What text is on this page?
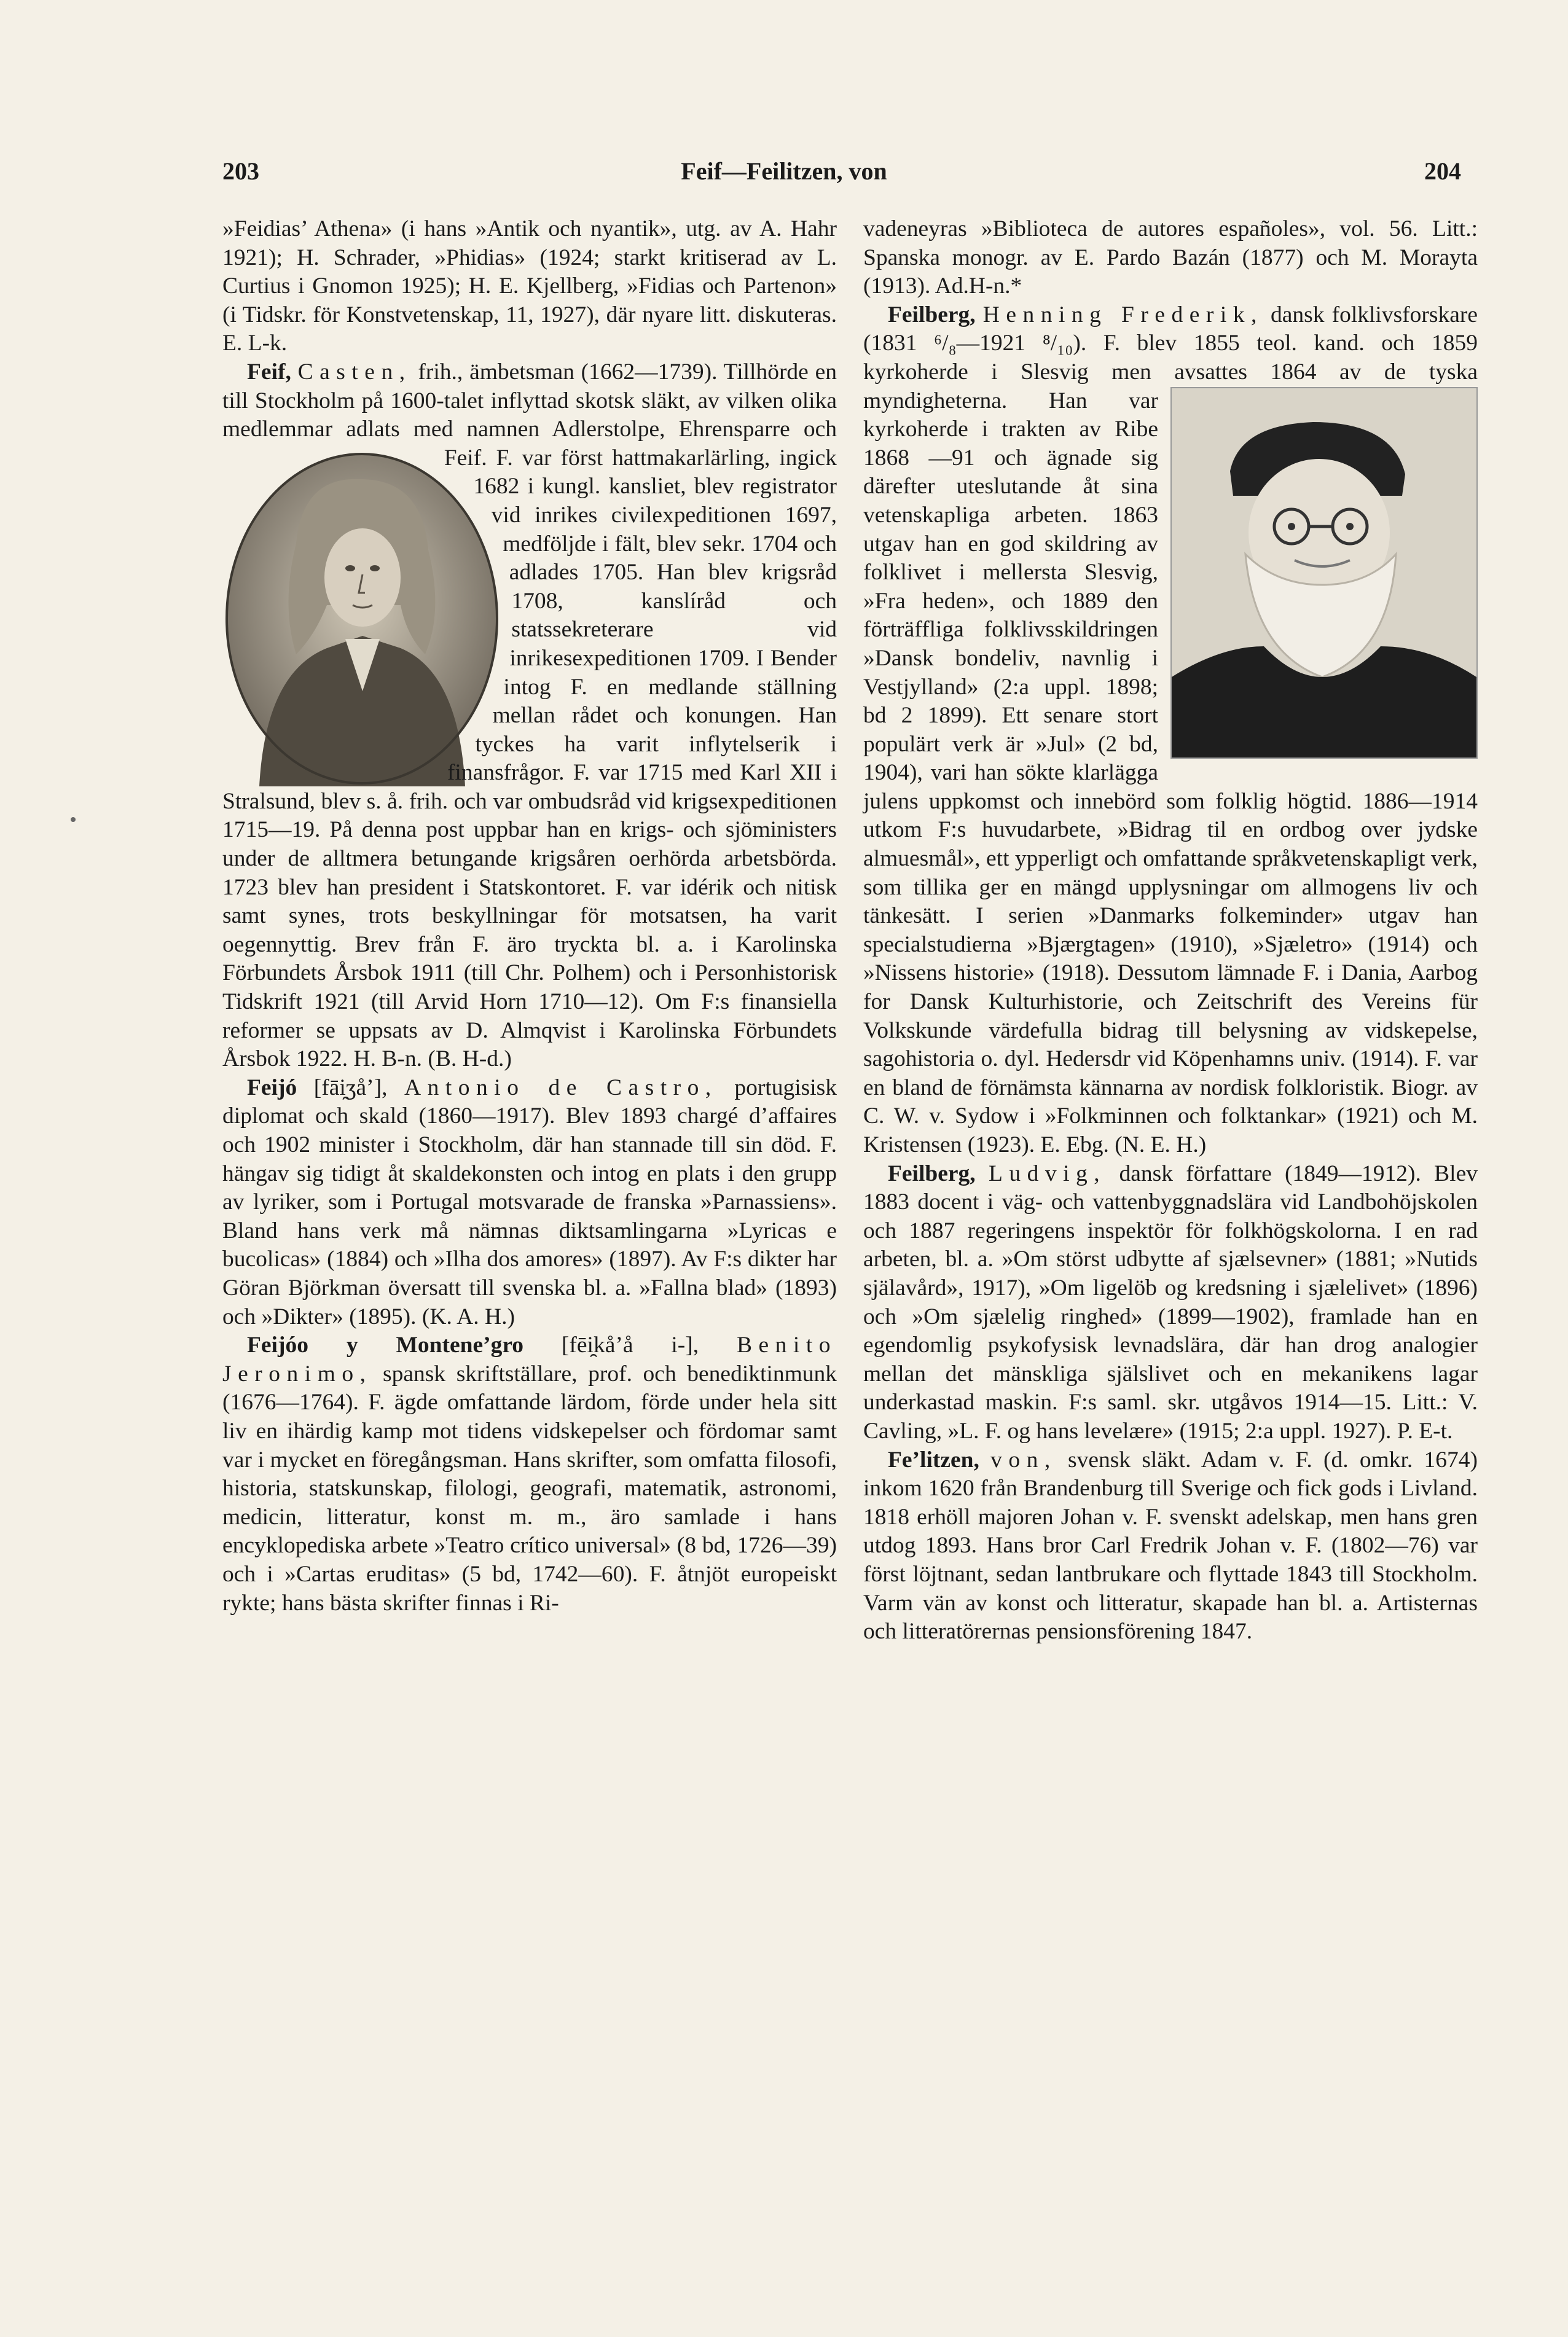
203	Feif—Feilitzen, von	204

»Feidias’ Athena» (i hans »Antik och nyantik», utg. av A. Hahr 1921); H. Schrader, »Phidias» (1924; starkt kritiserad av L. Curtius i Gnomon 1925); H. E. Kjellberg, »Fidias och Partenon» (i Tidskr. för Konstvetenskap, 11, 1927), där nyare litt. diskuteras. E. L-k.

Feif, Casten, frih., ämbetsman (1662—1739). Tillhörde en till Stockholm på 1600-talet inflyttad skotsk släkt, av vilken olika medlemmar adlats med namnen Adlerstolpe, Ehrensparre och Feif. F. var först hattmakarlärling, ingick 1682 i kungl. kansliet, blev registrator vid inrikes civilexpeditionen 1697, medföljde i fält, blev sekr. 1704 och adlades 1705. Han blev krigsråd 1708, kanslíråd och statssekreterare vid inrikesexpeditionen 1709. I Bender intog F. en medlande ställning mellan rådet och konungen. Han tyckes ha varit inflytelserik i finansfrågor. F. var 1715 med Karl XII i Stralsund, blev s. å. frih. och var ombudsråd vid krigsexpeditionen 1715—19. På denna post uppbar han en krigs- och sjöministers under de alltmera betungande krigsåren oerhörda arbetsbörda. 1723 blev han president i Statskontoret. F. var idérik och nitisk samt synes, trots beskyllningar för motsatsen, ha varit oegennyttig. Brev från F. äro tryckta bl. a. i Karolinska Förbundets Årsbok 1911 (till Chr. Polhem) och i Personhistorisk Tidskrift 1921 (till Arvid Horn 1710—12). Om F:s finansiella reformer se uppsats av D. Almqvist i Karolinska Förbundets Årsbok 1922. H. B-n. (B. H-d.)

Feijó [fāi̯ʒå’], Antonio de Castro, portugisisk diplomat och skald (1860—1917). Blev 1893 chargé d’affaires och 1902 minister i Stockholm, där han stannade till sin död. F. hängav sig tidigt åt skaldekonsten och intog en plats i den grupp av lyriker, som i Portugal motsvarade de franska »Parnassiens». Bland hans verk må nämnas diktsamlingarna »Lyricas e bucolicas» (1884) och »Ilha dos amores» (1897). Av F:s dikter har Göran Björkman översatt till svenska bl. a. »Fallna blad» (1893) och »Dikter» (1895). (K. A. H.)

Feijóo y Montene’gro [fēi̯kå’å i-], Benito Jeronimo, spansk skriftställare, prof. och benediktinmunk (1676—1764). F. ägde omfattande lärdom, förde under hela sitt liv en ihärdig kamp mot tidens vidskepelser och fördomar samt var i mycket en föregångsman. Hans skrifter, som omfatta filosofi, historia, statskunskap, filologi, geografi, matematik, astronomi, medicin, litteratur, konst m. m., äro samlade i hans encyklopediska arbete »Teatro crítico universal» (8 bd, 1726—39) och i »Cartas eruditas» (5 bd, 1742—60). F. åtnjöt europeiskt rykte; hans bästa skrifter finnas i Ri-

vadeneyras »Biblioteca de autores españoles», vol. 56. Litt.: Spanska monogr. av E. Pardo Bazán (1877) och M. Morayta (1913). Ad.H-n.*

Feilberg, Henning Frederik, dansk folklivsforskare (1831 ⁶/₈—1921 ⁸/₁₀). F. blev 1855 teol. kand. och 1859 kyrkoherde i Slesvig men avsattes 1864 av de tyska myndigheterna. Han var kyrkoherde i trakten av Ribe 1868 —91 och ägnade sig därefter uteslutande åt sina vetenskapliga arbeten. 1863 utgav han en god skildring av folklivet i mellersta Slesvig, »Fra heden», och 1889 den förträffliga folklivsskildringen »Dansk bondeliv, navnlig i Vestjylland» (2:a uppl. 1898; bd 2 1899). Ett senare stort populärt verk är »Jul» (2 bd, 1904), vari han sökte klarlägga julens uppkomst och innebörd som folklig högtid. 1886—1914 utkom F:s huvudarbete, »Bidrag til en ordbog over jydske almuesmål», ett ypperligt och omfattande språkvetenskapligt verk, som tillika ger en mängd upplysningar om allmogens liv och tänkesätt. I serien »Danmarks folkeminder» utgav han specialstudierna »Bjærgtagen» (1910), »Sjæletro» (1914) och »Nissens historie» (1918). Dessutom lämnade F. i Dania, Aarbog for Dansk Kulturhistorie, och Zeitschrift des Vereins für Volkskunde värdefulla bidrag till belysning av vidskepelse, sagohistoria o. dyl. Hedersdr vid Köpenhamns univ. (1914). F. var en bland de förnämsta kännarna av nordisk folkloristik. Biogr. av C. W. v. Sydow i »Folkminnen och folktankar» (1921) och M. Kristensen (1923). E. Ebg. (N. E. H.)

Feilberg, Ludvig, dansk författare (1849—1912). Blev 1883 docent i väg- och vattenbyggnadslära vid Landbohöjskolen och 1887 regeringens inspektör för folkhögskolorna. I en rad arbeten, bl. a. »Om störst udbytte af sjælsevner» (1881; »Nutids själavård», 1917), »Om ligelöb og kredsning i sjælelivet» (1896) och »Om sjælelig ringhed» (1899—1902), framlade han en egendomlig psykofysisk levnadslära, där han drog analogier mellan det mänskliga själslivet och en mekanikens lagar underkastad maskin. F:s saml. skr. utgåvos 1914—15. Litt.: V. Cavling, »L. F. og hans levelære» (1915; 2:a uppl. 1927). P. E-t.

Fe’litzen, von, svensk släkt. Adam v. F. (d. omkr. 1674) inkom 1620 från Brandenburg till Sverige och fick gods i Livland. 1818 erhöll majoren Johan v. F. svenskt adelskap, men hans gren utdog 1893. Hans bror Carl Fredrik Johan v. F. (1802—76) var först löjtnant, sedan lantbrukare och flyttade 1843 till Stockholm. Varm vän av konst och litteratur, skapade han bl. a. Artisternas och litteratörernas pensionsförening 1847.
